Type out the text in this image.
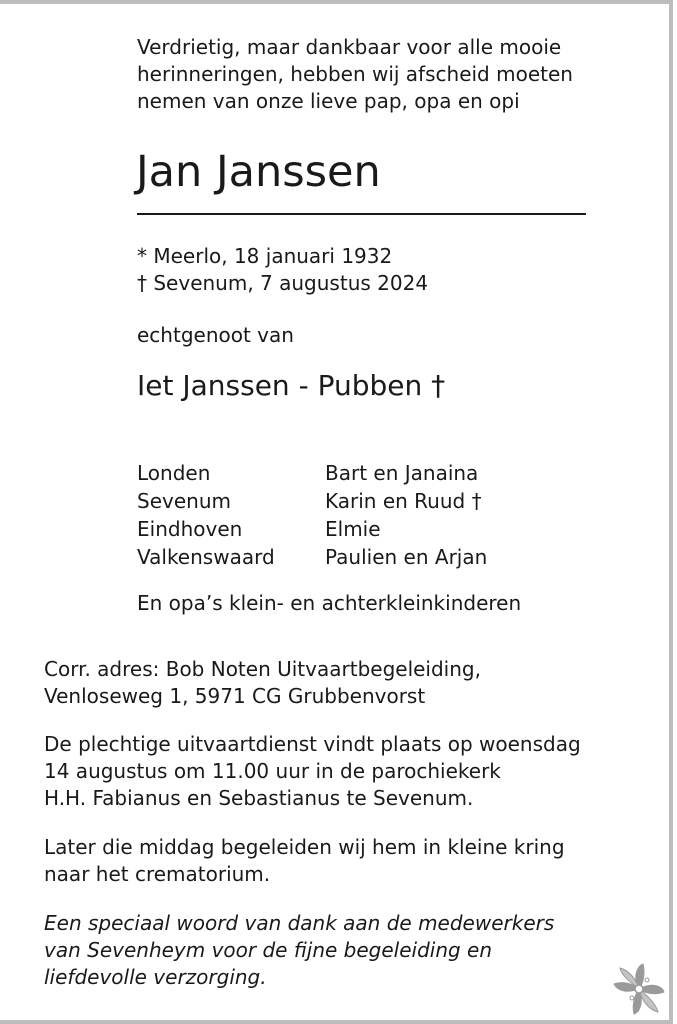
Verdrietig, maar dankbaar voor alle mooie
herinneringen, hebben wij afscheid moeten
nemen van onze lieve pap, opa en opi
Jan Janssen
* Meerlo, 18 januari 1932
† Sevenum, 7 augustus 2024
echtgenoot van
Iet Janssen - Pubben †
Londen	Bart en Janaina
Sevenum	Karin en Ruud †
Eindhoven	Elmie
Valkenswaard	Paulien en Arjan
En opa’s klein- en achterkleinkinderen
Corr. adres: Bob Noten Uitvaartbegeleiding,
Venloseweg 1, 5971 CG Grubbenvorst
De plechtige uitvaartdienst vindt plaats op woensdag
14 augustus om 11.00 uur in de parochiekerk
H.H. Fabianus en Sebastianus te Sevenum.
Later die middag begeleiden wij hem in kleine kring
naar het crematorium.
Een speciaal woord van dank aan de medewerkers
van Sevenheym voor de fijne begeleiding en
liefdevolle verzorging.
